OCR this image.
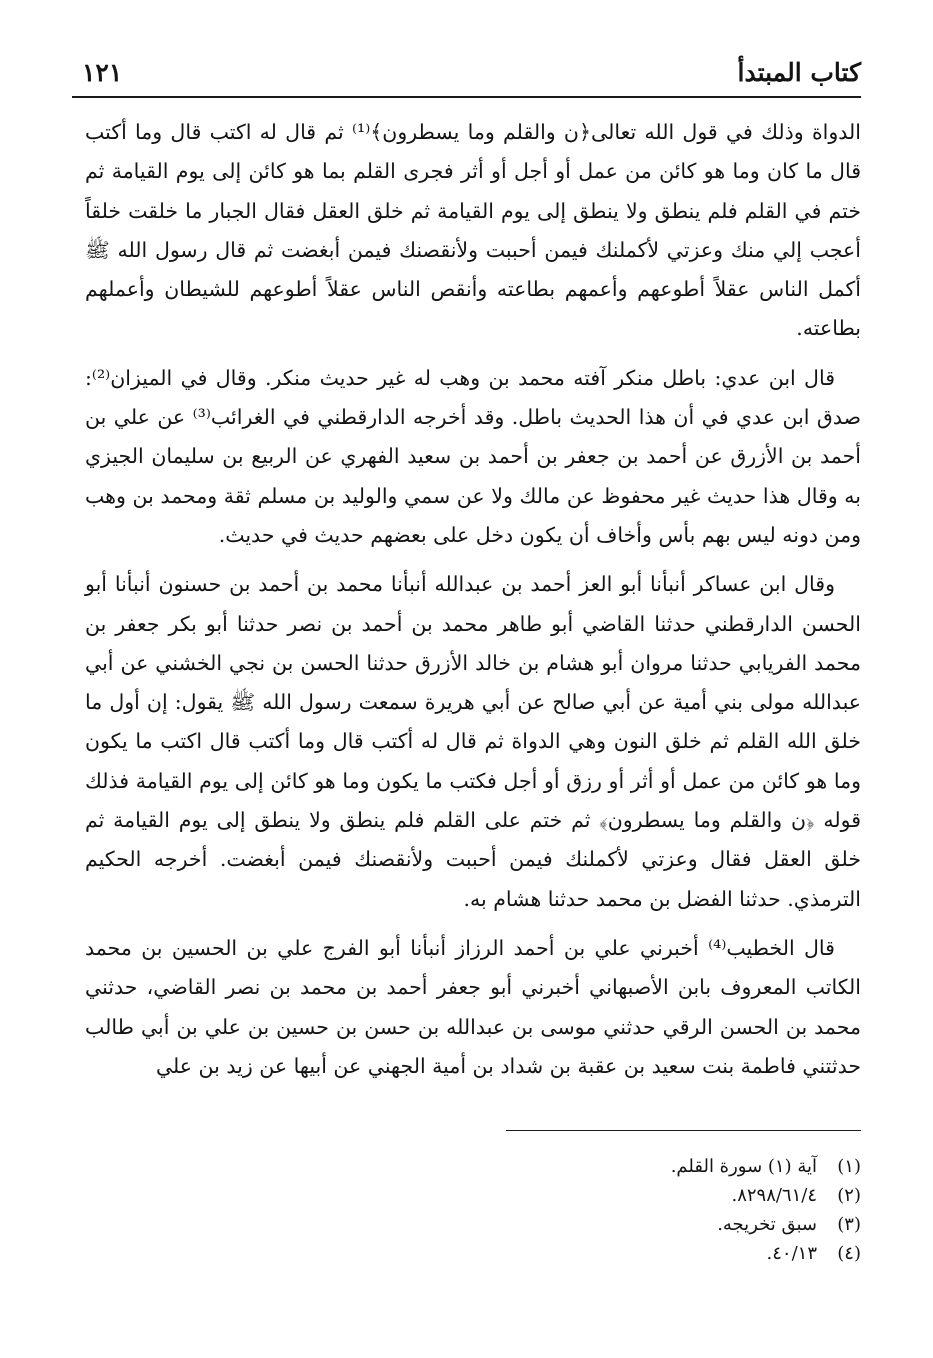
كتاب المبتدأ
١٢١

الدواة وذلك في قول الله تعالى﴿ن والقلم وما يسطرون﴾⁽¹⁾ ثم قال له اكتب قال وما أكتب قال ما كان وما هو كائن من عمل أو أجل أو أثر فجرى القلم بما هو كائن إلى يوم القيامة ثم ختم في القلم فلم ينطق ولا ينطق إلى يوم القيامة ثم خلق العقل فقال الجبار ما خلقت خلقاً أعجب إلي منك وعزتي لأكملنك فيمن أحببت ولأنقصنك فيمن أبغضت ثم قال رسول الله ﷺ أكمل الناس عقلاً أطوعهم وأعمهم بطاعته وأنقص الناس عقلاً أطوعهم للشيطان وأعملهم بطاعته.

قال ابن عدي: باطل منكر آفته محمد بن وهب له غير حديث منكر. وقال في الميزان⁽²⁾: صدق ابن عدي في أن هذا الحديث باطل. وقد أخرجه الدارقطني في الغرائب⁽³⁾ عن علي بن أحمد بن الأزرق عن أحمد بن جعفر بن أحمد بن سعيد الفهري عن الربيع بن سليمان الجيزي به وقال هذا حديث غير محفوظ عن مالك ولا عن سمي والوليد بن مسلم ثقة ومحمد بن وهب ومن دونه ليس بهم بأس وأخاف أن يكون دخل على بعضهم حديث في حديث.

وقال ابن عساكر أنبأنا أبو العز أحمد بن عبدالله أنبأنا محمد بن أحمد بن حسنون أنبأنا أبو الحسن الدارقطني حدثنا القاضي أبو طاهر محمد بن أحمد بن نصر حدثنا أبو بكر جعفر بن محمد الفريابي حدثنا مروان أبو هشام بن خالد الأزرق حدثنا الحسن بن نجي الخشني عن أبي عبدالله مولى بني أمية عن أبي صالح عن أبي هريرة سمعت رسول الله ﷺ يقول: إن أول ما خلق الله القلم ثم خلق النون وهي الدواة ثم قال له أكتب قال وما أكتب قال اكتب ما يكون وما هو كائن من عمل أو أثر أو رزق أو أجل فكتب ما يكون وما هو كائن إلى يوم القيامة فذلك قوله ﴿ن والقلم وما يسطرون﴾ ثم ختم على القلم فلم ينطق ولا ينطق إلى يوم القيامة ثم خلق العقل فقال وعزتي لأكملنك فيمن أحببت ولأنقصنك فيمن أبغضت. أخرجه الحكيم الترمذي. حدثنا الفضل بن محمد حدثنا هشام به.

قال الخطيب⁽⁴⁾ أخبرني علي بن أحمد الرزاز أنبأنا أبو الفرج علي بن الحسين بن محمد الكاتب المعروف بابن الأصبهاني أخبرني أبو جعفر أحمد بن محمد بن نصر القاضي، حدثني محمد بن الحسن الرقي حدثني موسى بن عبدالله بن حسن بن حسين بن علي بن أبي طالب حدثتني فاطمة بنت سعيد بن عقبة بن شداد بن أمية الجهني عن أبيها عن زيد بن علي

(١)
آية (١) سورة القلم.
(٢)
٨٢٩٨/٦١/٤.
(٣)
سبق تخريجه.
(٤)
٤٠/١٣.
